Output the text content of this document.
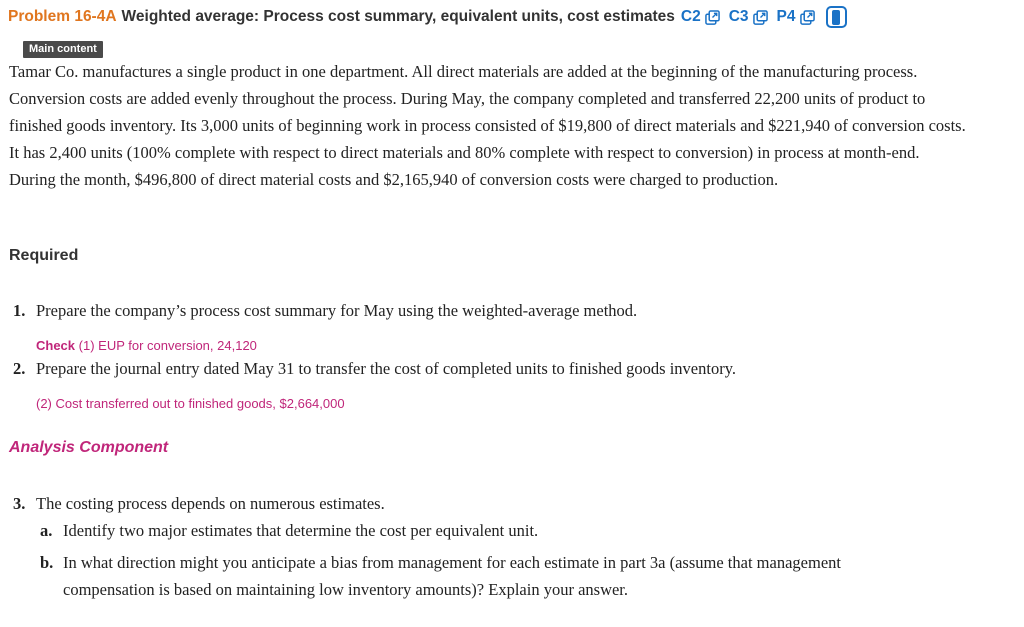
Problem 16-4A Weighted average: Process cost summary, equivalent units, cost estimates C2 C3 P4
Main content
Tamar Co. manufactures a single product in one department. All direct materials are added at the beginning of the manufacturing process. Conversion costs are added evenly throughout the process. During May, the company completed and transferred 22,200 units of product to finished goods inventory. Its 3,000 units of beginning work in process consisted of $19,800 of direct materials and $221,940 of conversion costs. It has 2,400 units (100% complete with respect to direct materials and 80% complete with respect to conversion) in process at month-end. During the month, $496,800 of direct material costs and $2,165,940 of conversion costs were charged to production.
Required
1. Prepare the company’s process cost summary for May using the weighted-average method.
Check (1) EUP for conversion, 24,120
2. Prepare the journal entry dated May 31 to transfer the cost of completed units to finished goods inventory.
(2) Cost transferred out to finished goods, $2,664,000
Analysis Component
3. The costing process depends on numerous estimates.
a. Identify two major estimates that determine the cost per equivalent unit.
b. In what direction might you anticipate a bias from management for each estimate in part 3a (assume that management compensation is based on maintaining low inventory amounts)? Explain your answer.
